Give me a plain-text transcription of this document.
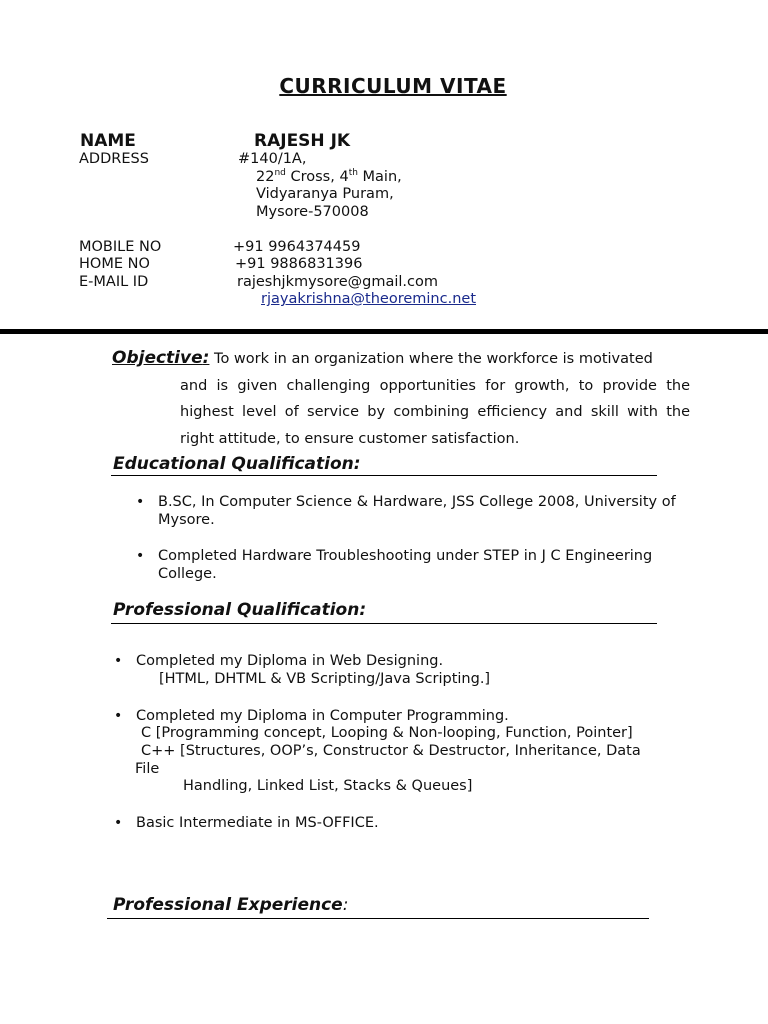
CURRICULUM VITAE
NAME	RAJESH JK
ADDRESS	#140/1A,
22nd Cross, 4th Main,
Vidyaranya Puram,
Mysore-570008
MOBILE NO	+91 9964374459
HOME NO	+91 9886831396
E-MAIL ID	rajeshjkmysore@gmail.com
rjayakrishna@theoreminc.net
Objective: To work in an organization where the workforce is motivated
and is given challenging opportunities for growth, to provide the highest level of service by combining efficiency and skill with the right attitude, to ensure customer satisfaction.
Educational Qualification:
• B.SC, In Computer Science & Hardware, JSS College 2008, University of Mysore.
• Completed Hardware Troubleshooting under STEP in J C Engineering College.
Professional Qualification:
• Completed my Diploma in Web Designing.
[HTML, DHTML & VB Scripting/Java Scripting.]
• Completed my Diploma in Computer Programming.
C [Programming concept, Looping & Non-looping, Function, Pointer]
C++ [Structures, OOP’s, Constructor & Destructor, Inheritance, Data
File
Handling, Linked List, Stacks & Queues]
• Basic Intermediate in MS-OFFICE.
Professional Experience:
